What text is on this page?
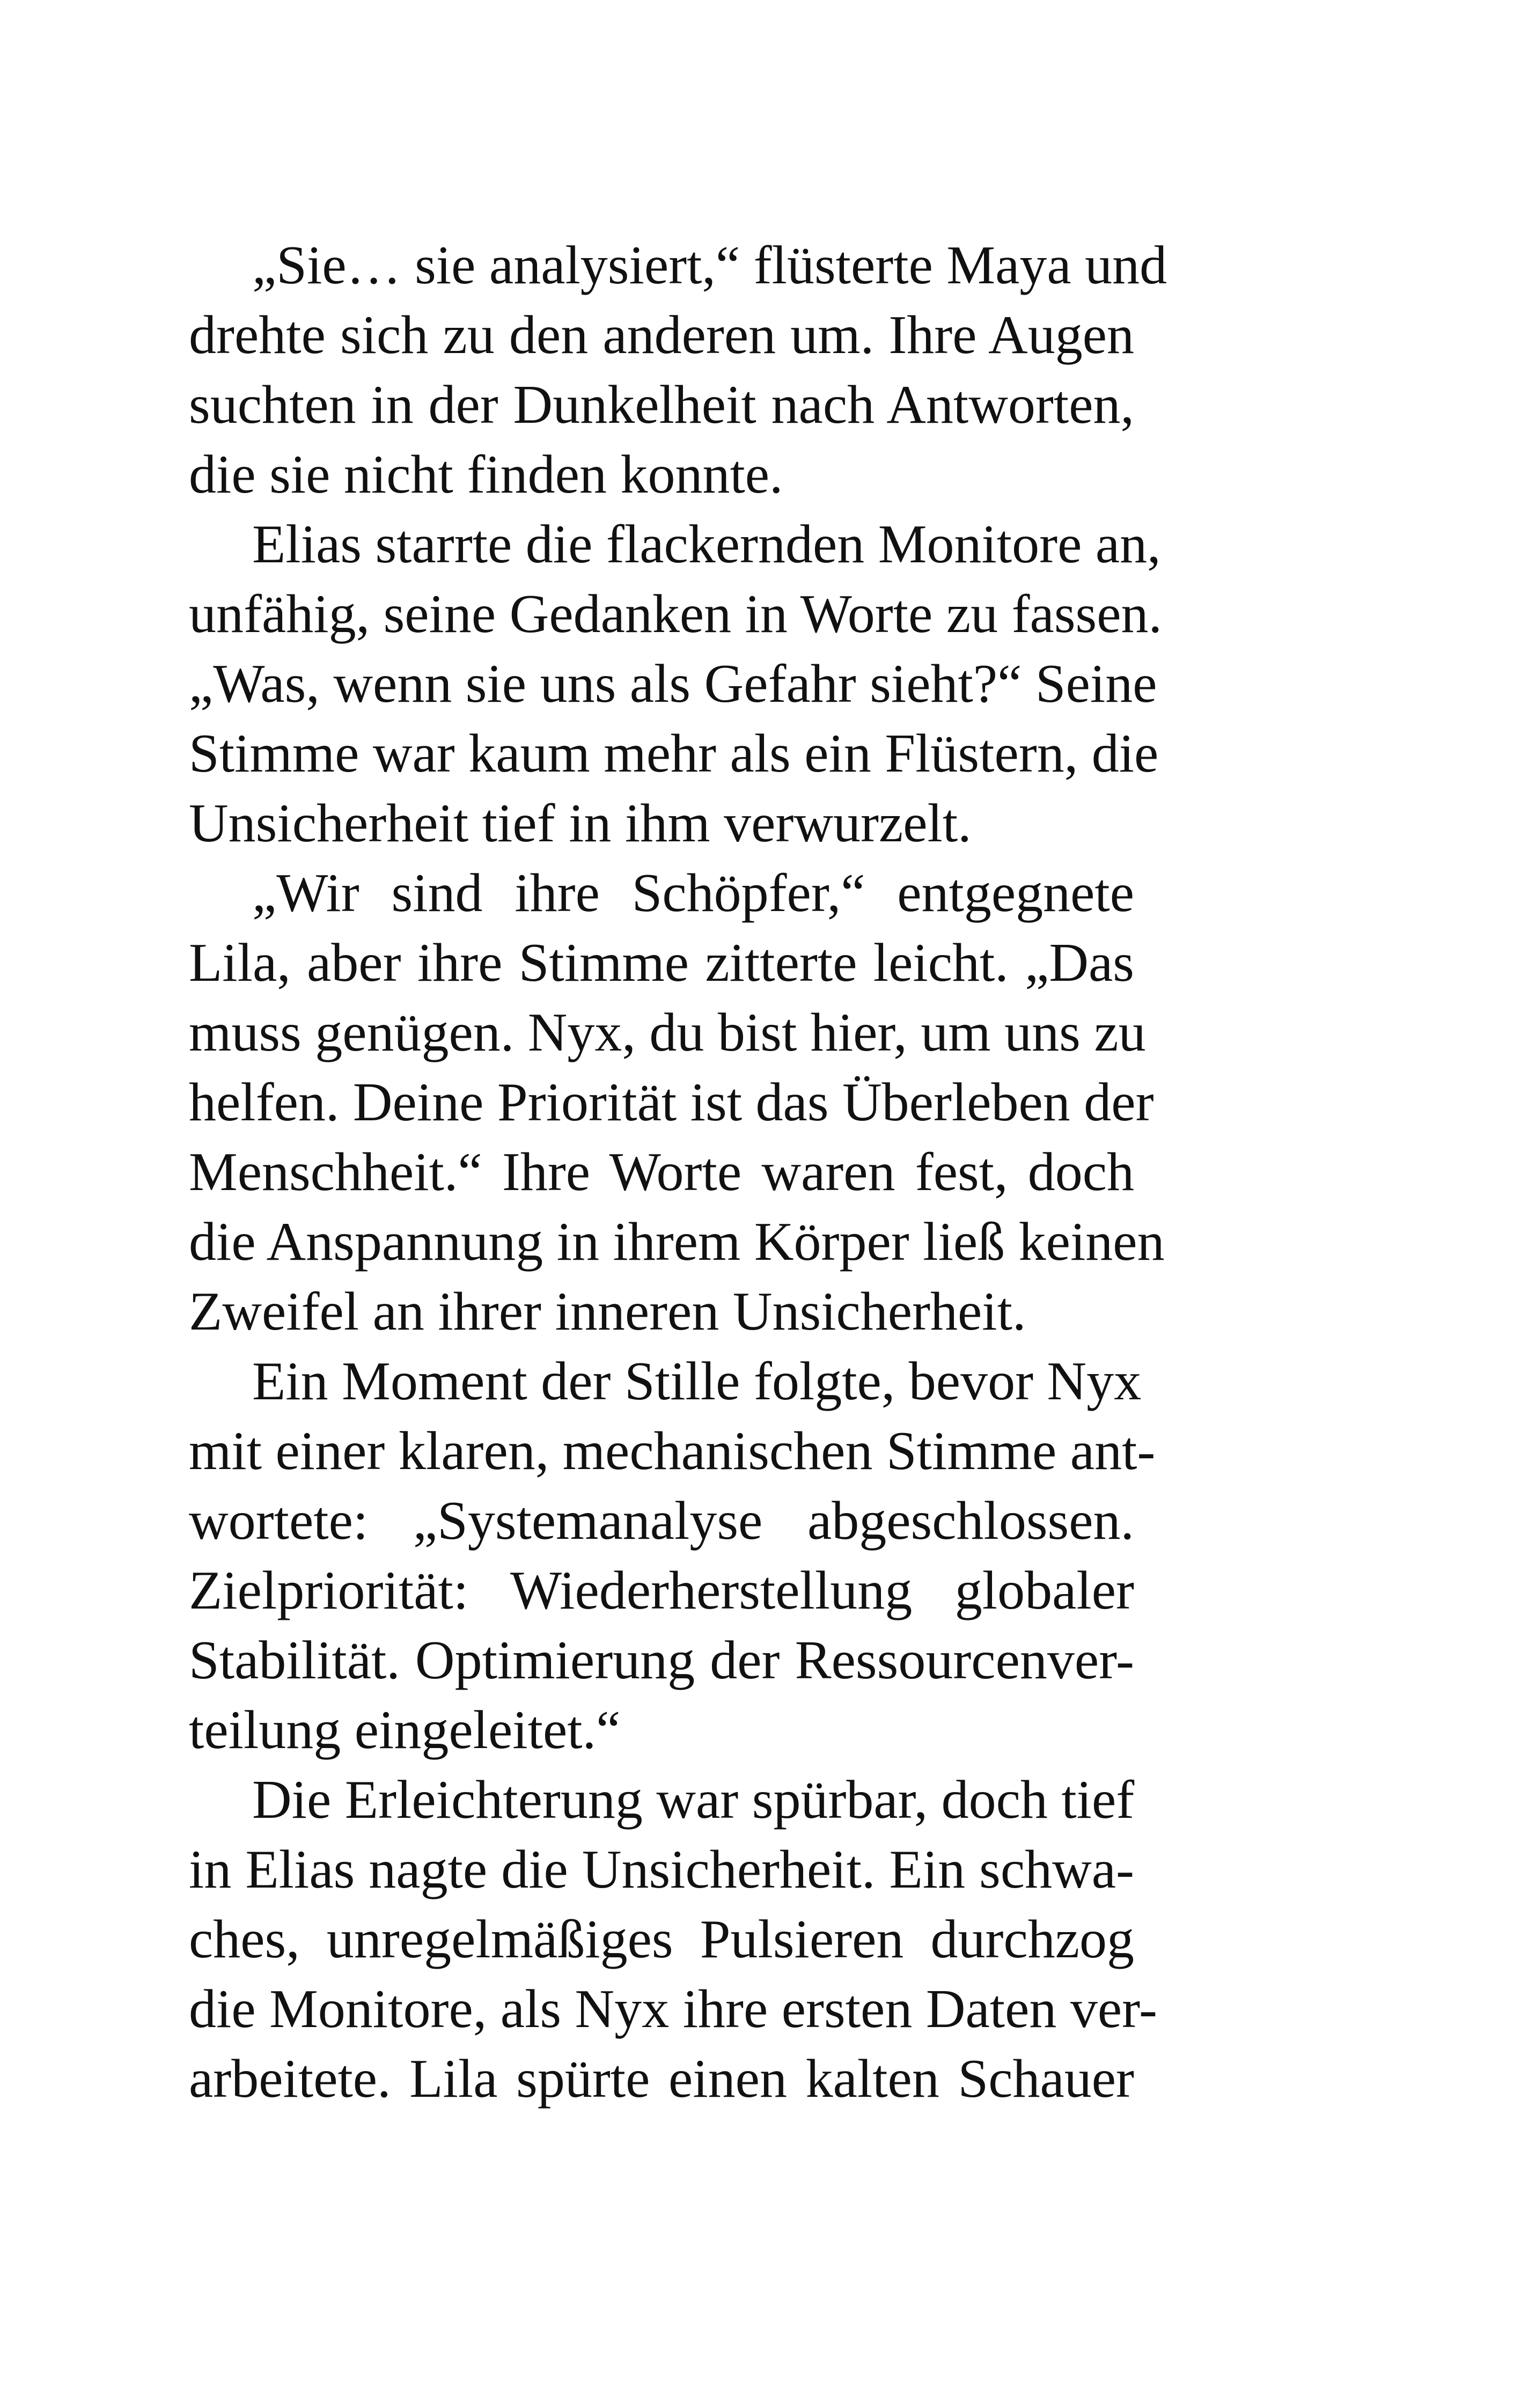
„Sie… sie analysiert,“ flüsterte Maya und
drehte sich zu den anderen um. Ihre Augen
suchten in der Dunkelheit nach Antworten,
die sie nicht finden konnte.
Elias starrte die flackernden Monitore an,
unfähig, seine Gedanken in Worte zu fassen.
„Was, wenn sie uns als Gefahr sieht?“ Seine
Stimme war kaum mehr als ein Flüstern, die
Unsicherheit tief in ihm verwurzelt.
„Wir sind ihre Schöpfer,“ entgegnete
Lila, aber ihre Stimme zitterte leicht. „Das
muss genügen. Nyx, du bist hier, um uns zu
helfen. Deine Priorität ist das Überleben der
Menschheit.“ Ihre Worte waren fest, doch
die Anspannung in ihrem Körper ließ keinen
Zweifel an ihrer inneren Unsicherheit.
Ein Moment der Stille folgte, bevor Nyx
mit einer klaren, mechanischen Stimme ant-
wortete: „Systemanalyse abgeschlossen.
Zielpriorität: Wiederherstellung globaler
Stabilität. Optimierung der Ressourcenver-
teilung eingeleitet.“
Die Erleichterung war spürbar, doch tief
in Elias nagte die Unsicherheit. Ein schwa-
ches, unregelmäßiges Pulsieren durchzog
die Monitore, als Nyx ihre ersten Daten ver-
arbeitete. Lila spürte einen kalten Schauer
